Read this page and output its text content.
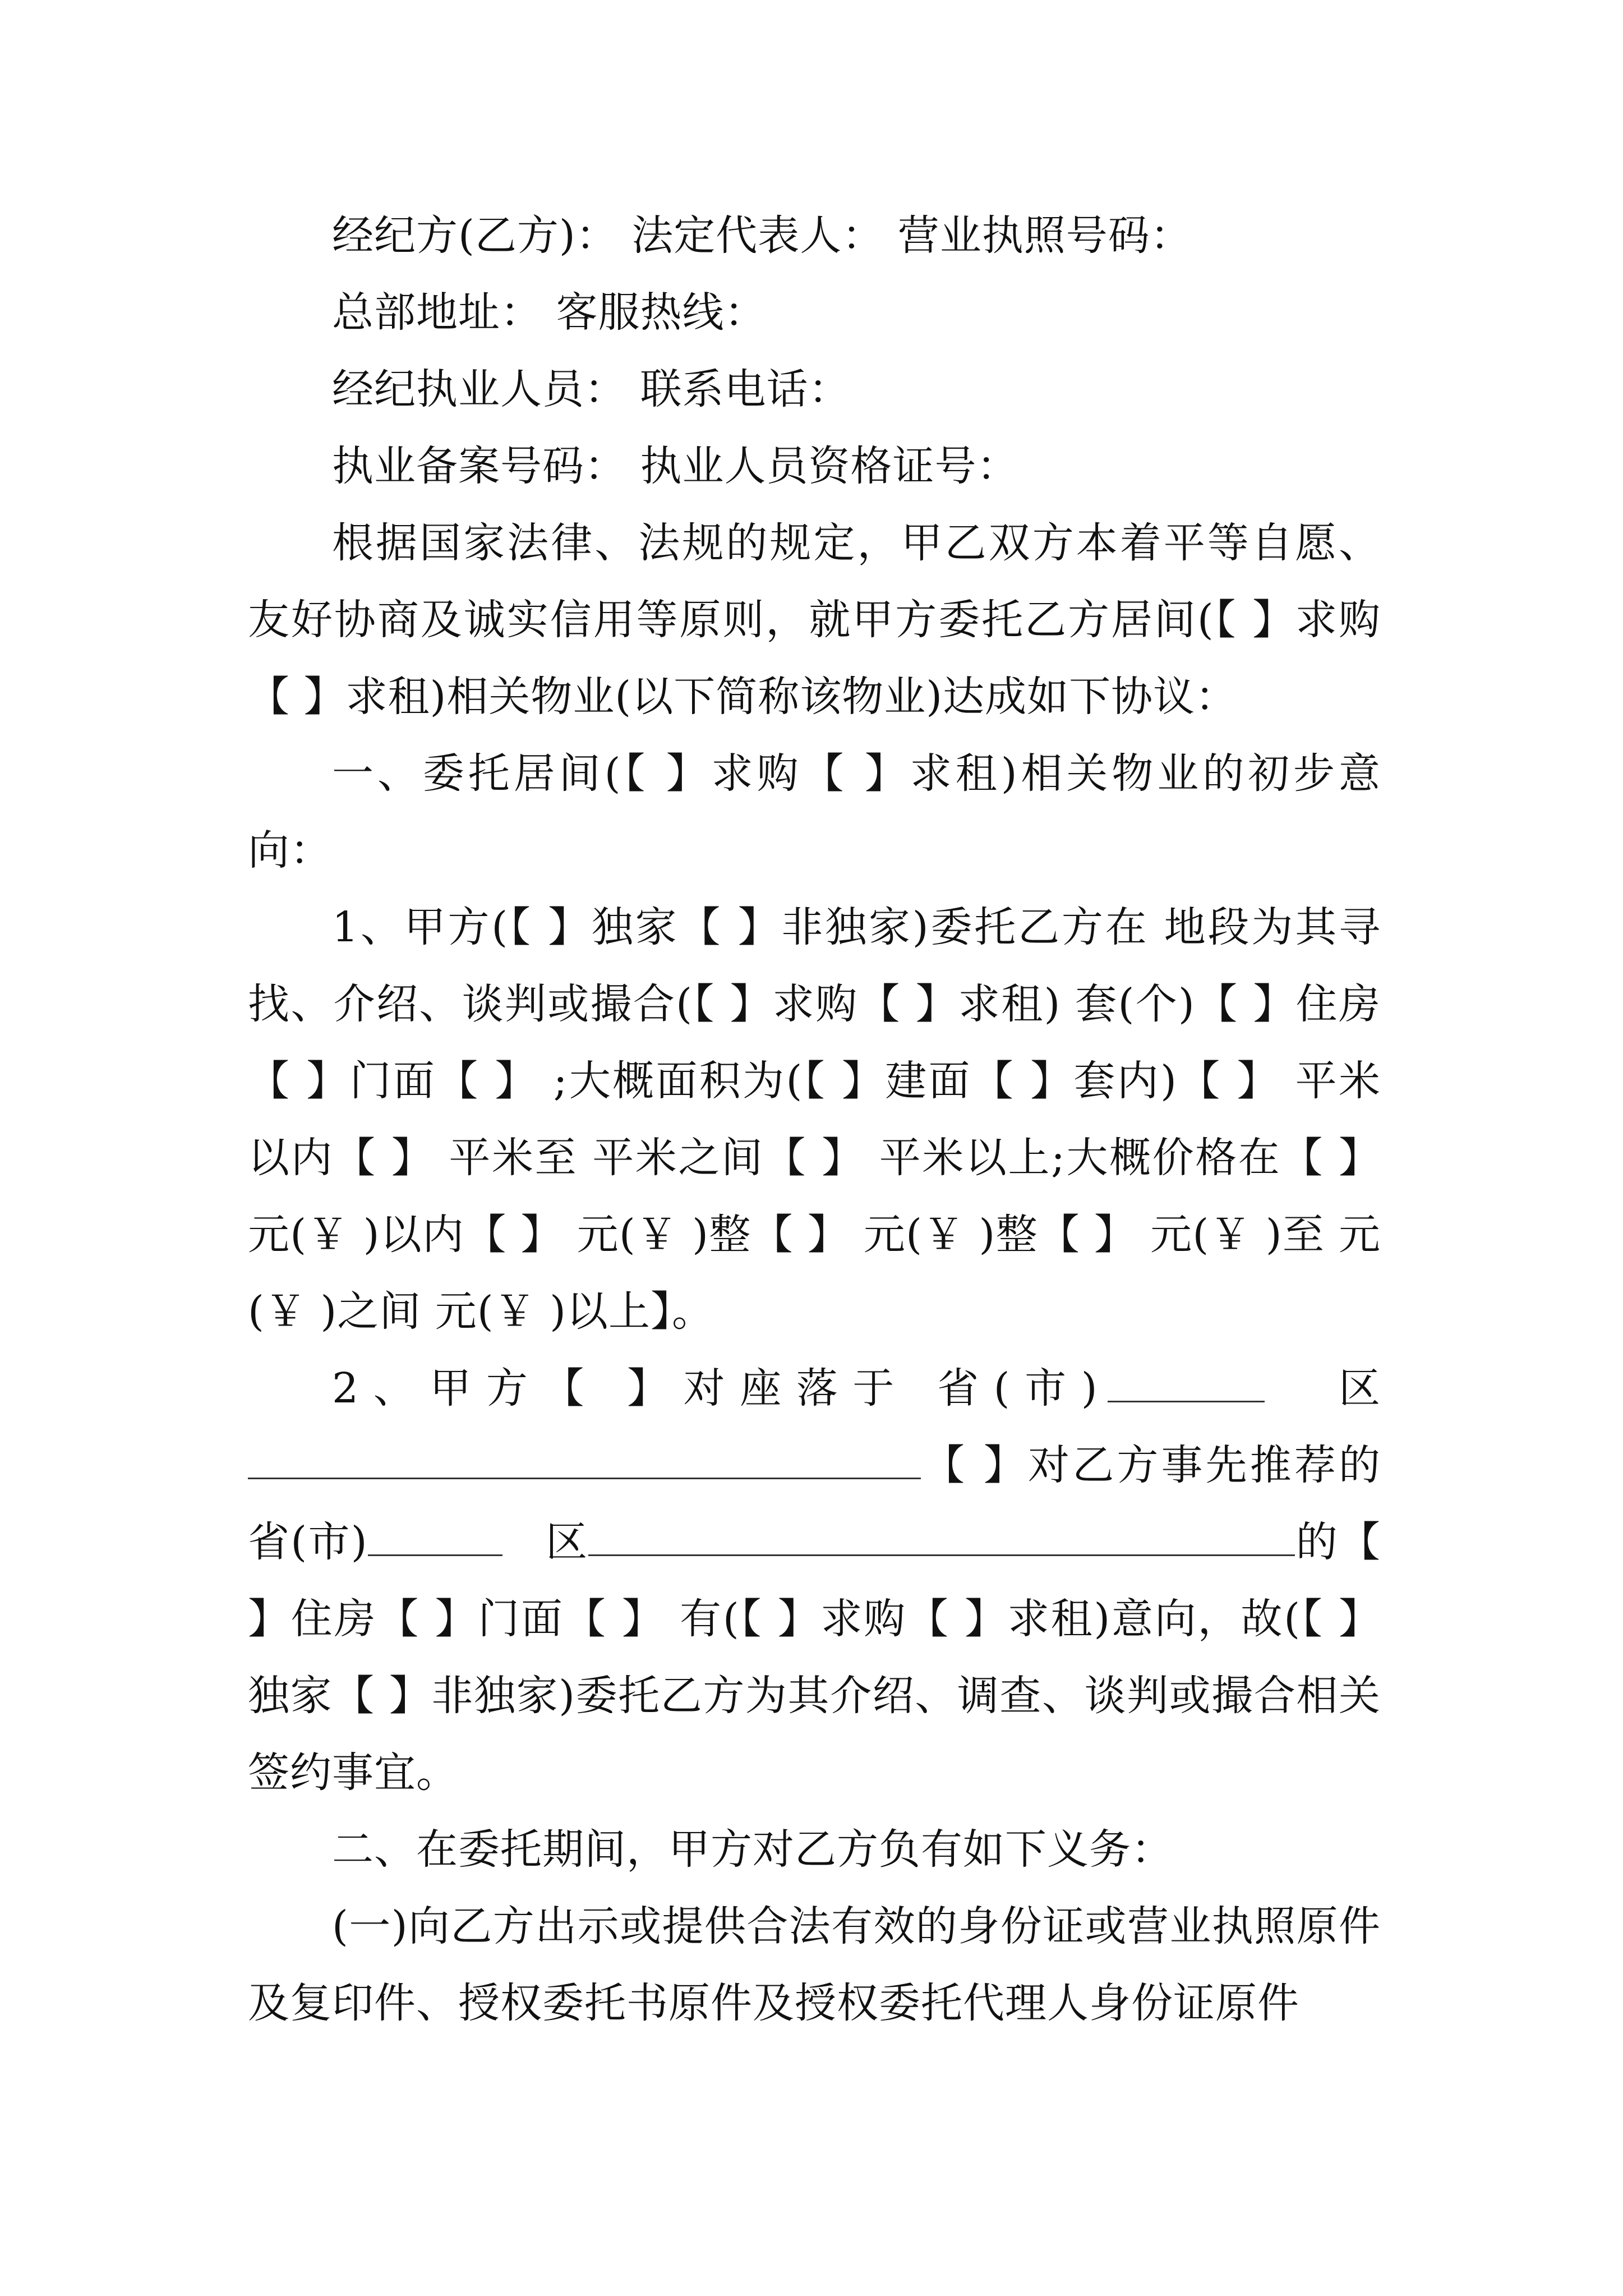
经纪方(乙方)： 法定代表人： 营业执照号码：

总部地址： 客服热线：

经纪执业人员： 联系电话：

执业备案号码： 执业人员资格证号：

根据国家法律、法规的规定，甲乙双方本着平等自愿、友好协商及诚实信用等原则，就甲方委托乙方居间(【 】求购【 】求租)相关物业(以下简称该物业)达成如下协议：

一、委托居间(【 】求购【 】求租)相关物业的初步意向：

1、甲方(【 】独家【 】非独家)委托乙方在 地段为其寻找、介绍、谈判或撮合(【 】求购【 】求租) 套(个)【 】住房【 】门面【 】 ;大概面积为(【 】建面【 】套内)【 】 平米以内【 】 平米至 平米之间【 】 平米以上;大概价格在【 】 元(￥ )以内【 】 元(￥ )整【 】 元(￥ )整【 】 元(￥ )至 元(￥ )之间 元(￥ )以上】。

2、甲方【 】对座落于 省(市)	区【 】对乙方事先推荐的省(市)	区	的【 】住房【 】门面【 】 有(【 】求购【 】求租)意向，故(【 】独家【 】非独家)委托乙方为其介绍、调查、谈判或撮合相关签约事宜。

二、在委托期间，甲方对乙方负有如下义务：

(一)向乙方出示或提供合法有效的身份证或营业执照原件及复印件、授权委托书原件及授权委托代理人身份证原件
